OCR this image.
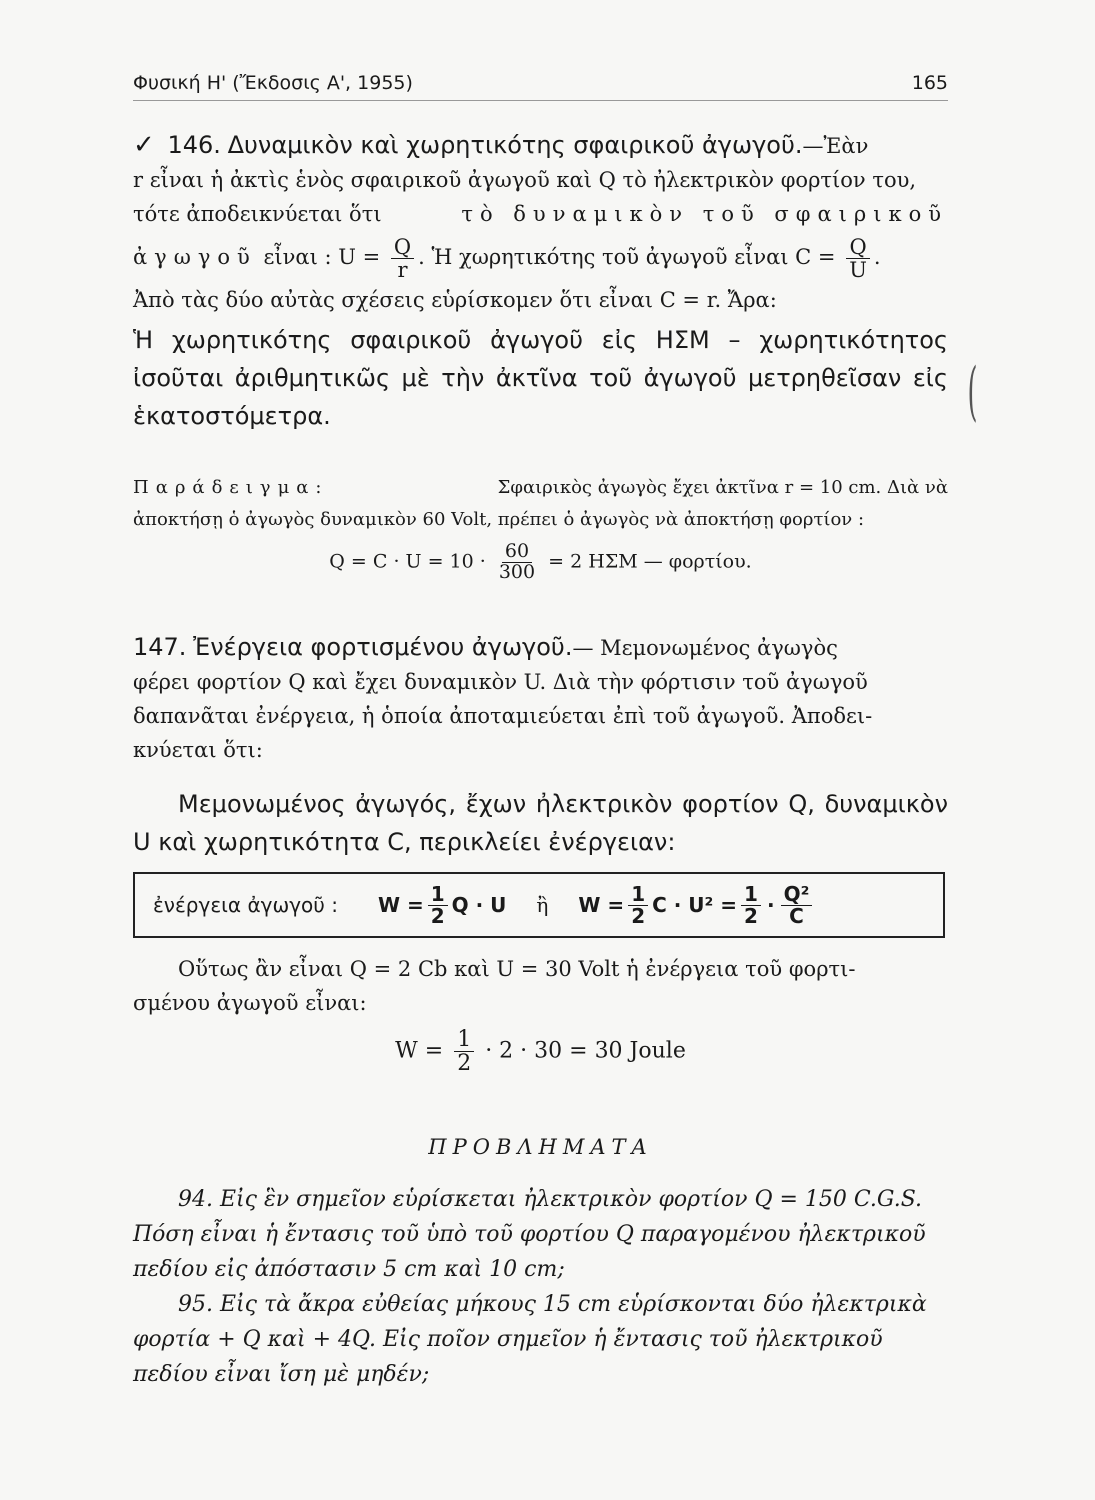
Φυσική Η' (Ἔκδοσις Α', 1955)	165

✓ 146. Δυναμικὸν καὶ χωρητικότης σφαιρικοῦ ἀγωγοῦ.—Ἐὰν

r εἶναι ἡ ἀκτὶς ἑνὸς σφαιρικοῦ ἀγωγοῦ καὶ Q τὸ ἠλεκτρικὸν φορτίον του,

τότε ἀποδεικνύεται ὅτι	τὸ δυναμικὸν τοῦ σφαιρικοῦ

ἀγωγοῦ εἶναι : $U = \frac{Q}{r}$ . Ἡ χωρητικότης τοῦ ἀγωγοῦ εἶναι $C = \frac{Q}{U}$ .

Ἀπὸ τὰς δύο αὐτὰς σχέσεις εὑρίσκομεν ὅτι εἶναι C = r. Ἄρα:

Ἡ χωρητικότης σφαιρικοῦ ἀγωγοῦ εἰς ΗΣΜ – χωρητικότητος ἰσοῦται ἀριθμητικῶς μὲ τὴν ἀκτῖνα τοῦ ἀγωγοῦ μετρηθεῖσαν εἰς ἑκατοστόμετρα.	(

Παράδειγμα:	Σφαιρικὸς ἀγωγὸς ἔχει ἀκτῖνα r = 10 cm. Διὰ νὰ

ἀποκτήσῃ ὁ ἀγωγὸς δυναμικὸν 60 Volt, πρέπει ὁ ἀγωγὸς νὰ ἀποκτήσῃ φορτίον :

$Q = C \cdot U = 10 \cdot \frac{60}{300} = 2$ ΗΣΜ — φορτίου.

147. Ἐνέργεια φορτισμένου ἀγωγοῦ.— Μεμονωμένος ἀγωγὸς

φέρει φορτίον Q καὶ ἔχει δυναμικὸν U. Διὰ τὴν φόρτισιν τοῦ ἀγωγοῦ

δαπανᾶται ἐνέργεια, ἡ ὁποία ἀποταμιεύεται ἐπὶ τοῦ ἀγωγοῦ. Ἀποδει-

κνύεται ὅτι:

Μεμονωμένος ἀγωγός, ἔχων ἠλεκτρικὸν φορτίον Q, δυναμικὸν U καὶ χωρητικότητα C, περικλείει ἐνέργειαν:

ἐνέργεια ἀγωγοῦ : $W = \frac{1}{2}$ Q · U ἢ $W = \frac{1}{2}$ $C \cdot U^2 = \frac{1}{2} \cdot \frac{\text{Q²}}{C}$

Οὕτως ἂν εἶναι Q = 2 Cb καὶ U = 30 Volt ἡ ἐνέργεια τοῦ φορτι-

σμένου ἀγωγοῦ εἶναι:

$W = \frac{1}{2} \cdot 2 \cdot 30 = 30$ Joule

ΠΡΟΒΛΗΜΑΤΑ

94. Εἰς ἓν σημεῖον εὑρίσκεται ἠλεκτρικὸν φορτίον Q = 150 C.G.S.

Πόση εἶναι ἡ ἔντασις τοῦ ὑπὸ τοῦ φορτίου Q παραγομένου ἠλεκτρικοῦ

πεδίου εἰς ἀπόστασιν 5 cm καὶ 10 cm;

95. Εἰς τὰ ἄκρα εὐθείας μήκους 15 cm εὑρίσκονται δύο ἠλεκτρικὰ

φορτία + Q καὶ + 4Q. Εἰς ποῖον σημεῖον ἡ ἔντασις τοῦ ἠλεκτρικοῦ

πεδίου εἶναι ἴση μὲ μηδέν;
